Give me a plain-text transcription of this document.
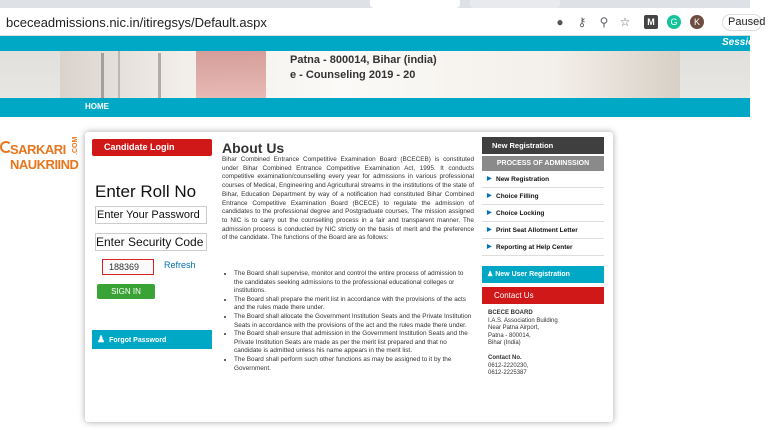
bceceadmissions.nic.in/itiregsys/Default.aspx	● ⚷ ⚲ ☆	M	G	K	Paused
Session 2
Patna - 800014, Bihar (india)
e - Counseling 2019 - 20
HOME
SARKARI
NAUKRIIND
.COM	Candidate Login
ITICAT
Enter Roll No
Enter Your Password
Enter Security Code
188369	Refresh
SIGN IN
♟ Forgot Password
About Us
Bihar Combined Entrance Competitive Examination Board (BCECEB) is constituted under Bihar Combined Entrance Competitive Examination Act, 1995. It conducts competitive examination/counselling every year for admissions in various professional courses of Medical, Engineering and Agricultural streams in the institutions of the state of Bihar, Education Department by way of a notification had constituted Bihar Combined Entrance Competitive Examination Board (BCECE) to regulate the admission of candidates to the professional degree and Postgraduate courses. The mission assigned to NIC is to carry out the counselling process in a fair and transparent manner. The admission process is conducted by NIC strictly on the basis of merit and the preference of the candidate. The functions of the Board are as follows:
• The Board shall supervise, monitor and control the entire process of admission to the candidates seeking admissions to the professional educational colleges or institutions.
• The Board shall prepare the merit list in accordance with the provisions of the acts and the rules made there under.
• The Board shall allocate the Government Institution Seats and the Private Institution Seats in accordance with the provisions of the act and the rules made there under.
• The Board shall ensure that admission in the Government Institution Seats and the Private Institution Seats are made as per the merit list prepared and that no candidate is admitted unless his name appears in the merit list.
• The Board shall perform such other functions as may be assigned to it by the Government.
New Registration
PROCESS OF ADMINSSION
▶ New Registration
▶ Choice Filling
▶ Choice Locking
▶ Print Seat Allotment Letter
▶ Reporting at Help Center
♟ New User Registration
Contact Us
BCECE BOARD
I.A.S. Association Building
Near Patna Airport,
Patna - 800014,
Bihar (India)

Contact No.
0612-2220230,
0612-2225387
